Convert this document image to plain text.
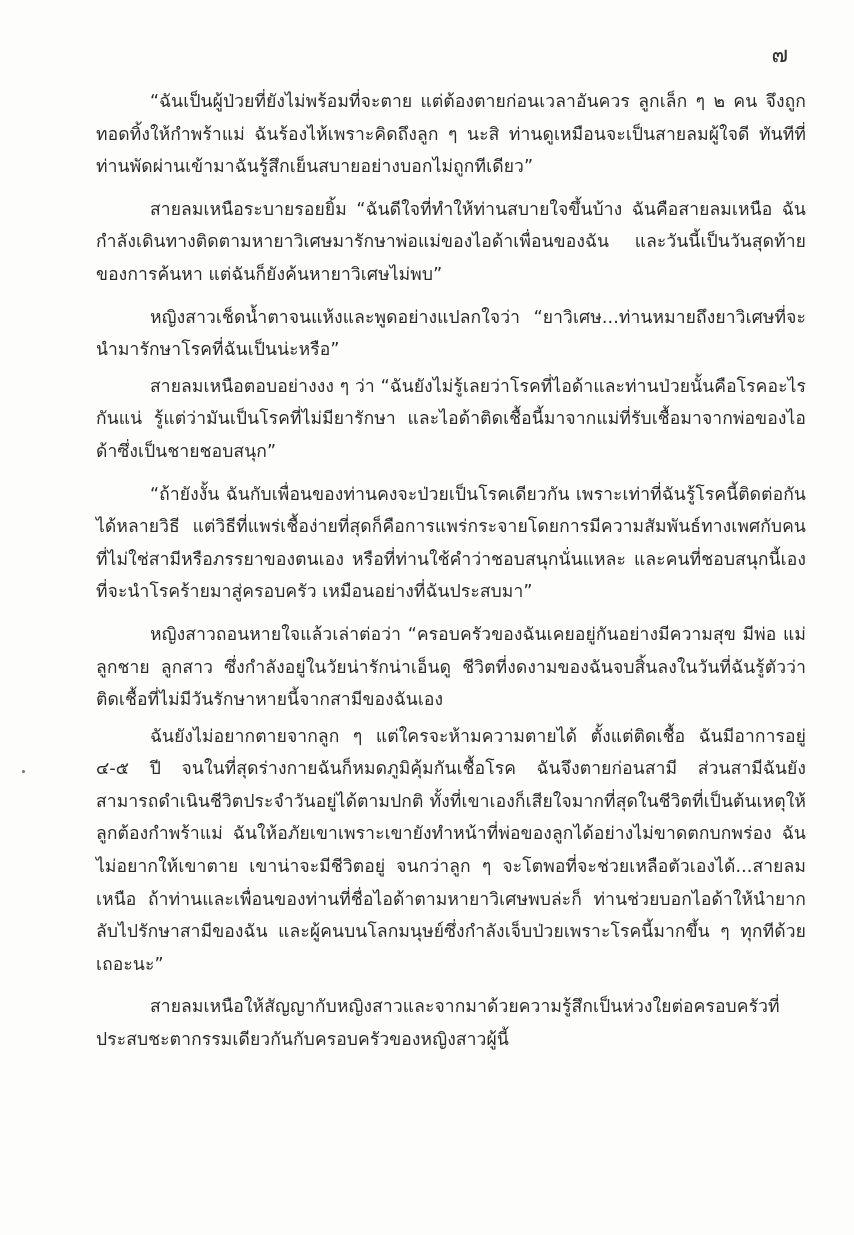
๗

“ฉันเป็นผู้ป่วยที่ยังไม่พร้อมที่จะตาย แต่ต้องตายก่อนเวลาอันควร ลูกเล็ก ๆ ๒ คน จึงถูกทอดทิ้งให้กำพร้าแม่ ฉันร้องไห้เพราะคิดถึงลูก ๆ นะสิ ท่านดูเหมือนจะเป็นสายลมผู้ใจดี ทันทีที่ท่านพัดผ่านเข้ามาฉันรู้สึกเย็นสบายอย่างบอกไม่ถูกทีเดียว”

สายลมเหนือระบายรอยยิ้ม “ฉันดีใจที่ทำให้ท่านสบายใจขึ้นบ้าง ฉันคือสายลมเหนือ ฉันกำลังเดินทางติดตามหายาวิเศษมารักษาพ่อแม่ของไอด้าเพื่อนของฉัน และวันนี้เป็นวันสุดท้ายของการค้นหา แต่ฉันก็ยังค้นหายาวิเศษไม่พบ”

หญิงสาวเช็ดน้ำตาจนแห้งและพูดอย่างแปลกใจว่า “ยาวิเศษ...ท่านหมายถึงยาวิเศษที่จะนำมารักษาโรคที่ฉันเป็นน่ะหรือ”

สายลมเหนือตอบอย่างงง ๆ ว่า “ฉันยังไม่รู้เลยว่าโรคที่ไอด้าและท่านป่วยนั้นคือโรคอะไรกันแน่ รู้แต่ว่ามันเป็นโรคที่ไม่มียารักษา และไอด้าติดเชื้อนี้มาจากแม่ที่รับเชื้อมาจากพ่อของไอด้าซึ่งเป็นชายชอบสนุก”

“ถ้ายังงั้น ฉันกับเพื่อนของท่านคงจะป่วยเป็นโรคเดียวกัน เพราะเท่าที่ฉันรู้โรคนี้ติดต่อกันได้หลายวิธี แต่วิธีที่แพร่เชื้อง่ายที่สุดก็คือการแพร่กระจายโดยการมีความสัมพันธ์ทางเพศกับคนที่ไม่ใช่สามีหรือภรรยาของตนเอง หรือที่ท่านใช้คำว่าชอบสนุกนั่นแหละ และคนที่ชอบสนุกนี้เองที่จะนำโรคร้ายมาสู่ครอบครัว เหมือนอย่างที่ฉันประสบมา”

หญิงสาวถอนหายใจแล้วเล่าต่อว่า “ครอบครัวของฉันเคยอยู่กันอย่างมีความสุข มีพ่อ แม่ ลูกชาย ลูกสาว ซึ่งกำลังอยู่ในวัยน่ารักน่าเอ็นดู ชีวิตที่งดงามของฉันจบสิ้นลงในวันที่ฉันรู้ตัวว่าติดเชื้อที่ไม่มีวันรักษาหายนี้จากสามีของฉันเอง

ฉันยังไม่อยากตายจากลูก ๆ แต่ใครจะห้ามความตายได้ ตั้งแต่ติดเชื้อ ฉันมีอาการอยู่ ๔-๕ ปี จนในที่สุดร่างกายฉันก็หมดภูมิคุ้มกันเชื้อโรค ฉันจึงตายก่อนสามี ส่วนสามีฉันยังสามารถดำเนินชีวิตประจำวันอยู่ได้ตามปกติ ทั้งที่เขาเองก็เสียใจมากที่สุดในชีวิตที่เป็นต้นเหตุให้ลูกต้องกำพร้าแม่ ฉันให้อภัยเขาเพราะเขายังทำหน้าที่พ่อของลูกได้อย่างไม่ขาดตกบกพร่อง ฉันไม่อยากให้เขาตาย เขาน่าจะมีชีวิตอยู่ จนกว่าลูก ๆ จะโตพอที่จะช่วยเหลือตัวเองได้...สายลมเหนือ ถ้าท่านและเพื่อนของท่านที่ชื่อไอด้าตามหายาวิเศษพบล่ะก็ ท่านช่วยบอกไอด้าให้นำยากลับไปรักษาสามีของฉัน และผู้คนบนโลกมนุษย์ซึ่งกำลังเจ็บป่วยเพราะโรคนี้มากขึ้น ๆ ทุกทีด้วยเถอะนะ”

สายลมเหนือให้สัญญากับหญิงสาวและจากมาด้วยความรู้สึกเป็นห่วงใยต่อครอบครัวที่ประสบชะตากรรมเดียวกันกับครอบครัวของหญิงสาวผู้นี้
